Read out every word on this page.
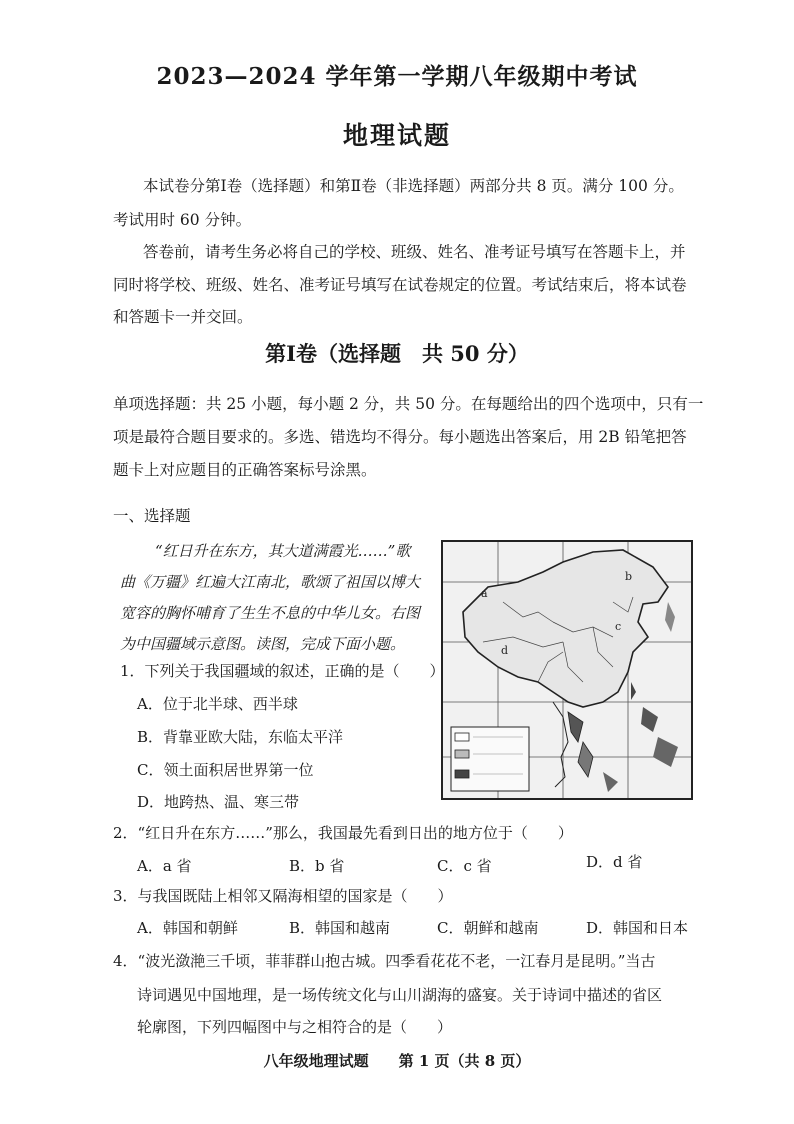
2023—2024 学年第一学期八年级期中考试
地理试题
本试卷分第Ⅰ卷（选择题）和第Ⅱ卷（非选择题）两部分共 8 页。满分 100 分。
考试用时 60 分钟。
答卷前，请考生务必将自己的学校、班级、姓名、准考证号填写在答题卡上，并
同时将学校、班级、姓名、准考证号填写在试卷规定的位置。考试结束后，将本试卷
和答题卡一并交回。
第Ⅰ卷（选择题　共 50 分）
单项选择题：共 25 小题，每小题 2 分，共 50 分。在每题给出的四个选项中，只有一
项是最符合题目要求的。多选、错选均不得分。每小题选出答案后，用 2B 铅笔把答
题卡上对应题目的正确答案标号涂黑。
一、选择题
“红日升在东方，其大道满霞光……”歌
曲《万疆》红遍大江南北，歌颂了祖国以博大
宽容的胸怀哺育了生生不息的中华儿女。右图
为中国疆域示意图。读图，完成下面小题。
a
b
c
d
1．下列关于我国疆域的叙述，正确的是（　　）
A．位于北半球、西半球
B．背靠亚欧大陆，东临太平洋
C．领土面积居世界第一位
D．地跨热、温、寒三带
2．“红日升在东方……”那么，我国最先看到日出的地方位于（　　）
A．a 省	B．b 省	C．c 省	D．d 省
3．与我国既陆上相邻又隔海相望的国家是（　　）
A．韩国和朝鲜	B．韩国和越南	C．朝鲜和越南	D．韩国和日本
4．“波光潋滟三千顷，菲菲群山抱古城。四季看花花不老，一江春月是昆明。”当古
诗词遇见中国地理，是一场传统文化与山川湖海的盛宴。关于诗词中描述的省区
轮廓图，下列四幅图中与之相符合的是（　　）
八年级地理试题　　第 1 页（共 8 页）
